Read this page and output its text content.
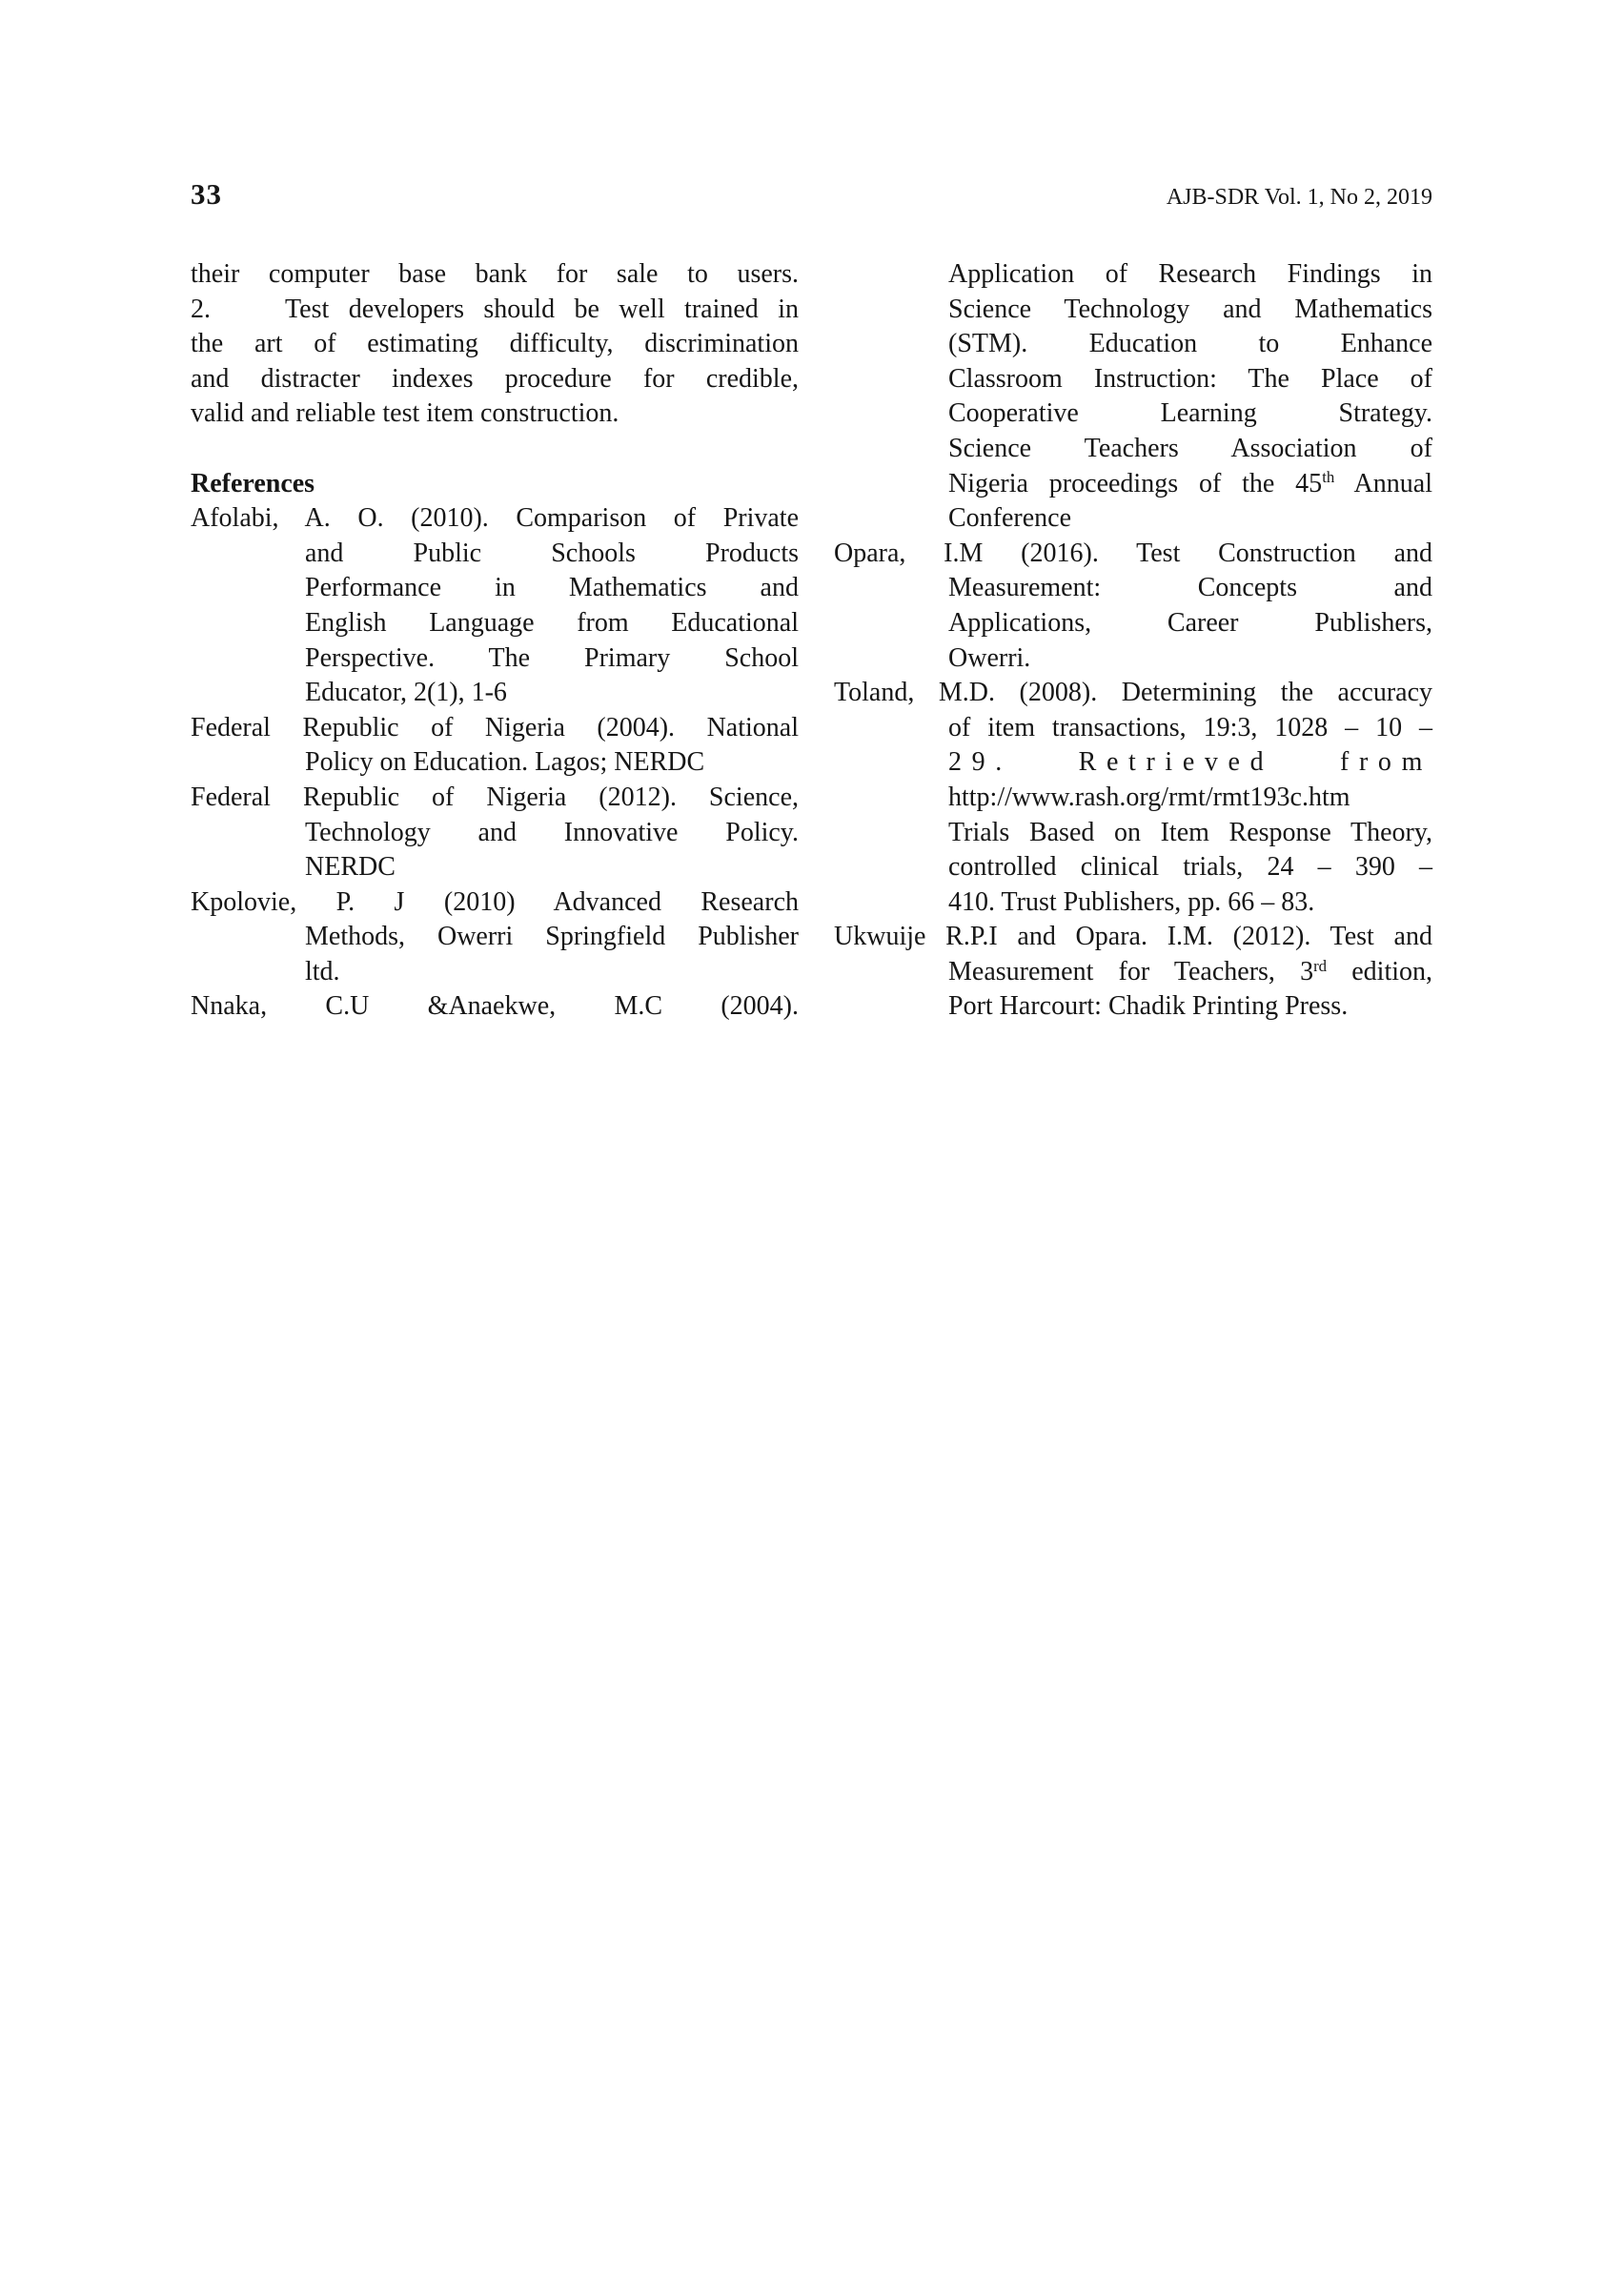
33	AJB-SDR Vol. 1, No 2, 2019
their computer base bank for sale to users.
2.	Test developers should be well trained in
the art of estimating difficulty, discrimination
and distracter indexes procedure for credible,
valid and reliable test item construction.
References
Afolabi, A. O. (2010). Comparison of Private
and Public Schools Products
Performance in Mathematics and
English Language from Educational
Perspective. The Primary School
Educator, 2(1), 1-6
Federal Republic of Nigeria (2004). National
Policy on Education. Lagos; NERDC
Federal Republic of Nigeria (2012). Science,
Technology and Innovative Policy.
NERDC
Kpolovie, P. J (2010) Advanced Research
Methods, Owerri Springfield Publisher
ltd.
Nnaka, C.U &Anaekwe, M.C (2004).
Application of Research Findings in
Science Technology and Mathematics
(STM). Education to Enhance
Classroom Instruction: The Place of
Cooperative Learning Strategy.
Science Teachers Association of
Nigeria proceedings of the 45th Annual
Conference
Opara, I.M (2016). Test Construction and
Measurement: Concepts and
Applications, Career Publishers,
Owerri.
Toland, M.D. (2008). Determining the accuracy
of item transactions, 19:3, 1028 – 10 –
29. Retrieved from
http://www.rash.org/rmt/rmt193c.htm
Trials Based on Item Response Theory,
controlled clinical trials, 24 – 390 –
410. Trust Publishers, pp. 66 – 83.
Ukwuije R.P.I and Opara. I.M. (2012). Test and
Measurement for Teachers, 3rd edition,
Port Harcourt: Chadik Printing Press.
